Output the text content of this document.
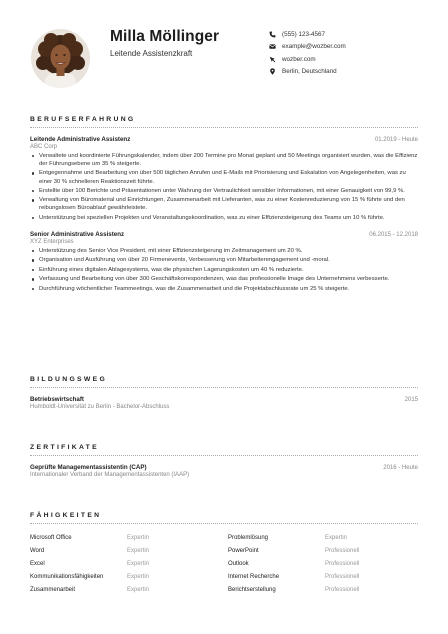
Milla Möllinger
Leitende Assistenzkraft
(555) 123-4567
example@wozber.com
wozber.com
Berlin, Deutschland
BERUFSERFAHRUNG
Leitende Administrative Assistenz	01.2019 - Heute
ABC Corp
Verwaltete und koordinierte Führungskalender, indem über 200 Termine pro Monat geplant und 50 Meetings organisiert wurden, was die Effizienz der Führungsebene um 35 % steigerte.
Entgegennahme und Bearbeitung von über 500 täglichen Anrufen und E-Mails mit Priorisierung und Eskalation von Angelegenheiten, was zu einer 30 % schnelleren Reaktionszeit führte.
Erstellte über 100 Berichte und Präsentationen unter Wahrung der Vertraulichkeit sensibler Informationen, mit einer Genauigkeit von 99,9 %.
Verwaltung von Büromaterial und Einrichtungen, Zusammenarbeit mit Lieferanten, was zu einer Kostenreduzierung von 15 % führte und den reibungslosen Büroablauf gewährleistete.
Unterstützung bei speziellen Projekten und Veranstaltungskoordination, was zu einer Effizienzsteigerung des Teams um 10 % führte.
Senior Administrative Assistenz	06.2015 - 12.2018
XYZ Enterprises
Unterstützung des Senior Vice President, mit einer Effizienzsteigerung im Zeitmanagement um 20 %.
Organisation und Ausführung von über 20 Firmenevents, Verbesserung von Mitarbeiterengagement und -moral.
Einführung eines digitalen Ablagesystems, was die physischen Lagerungskosten um 40 % reduzierte.
Verfassung und Bearbeitung von über 300 Geschäftskorrespondenzen, was das professionelle Image des Unternehmens verbesserte.
Durchführung wöchentlicher Teammeetings, was die Zusammenarbeit und die Projektabschlussrate um 25 % steigerte.
BILDUNGSWEG
Betriebswirtschaft	2015
Humboldt-Universität zu Berlin - Bachelor-Abschluss
ZERTIFIKATE
Geprüfte Managementassistentin (CAP)	2016 - Heute
Internationaler Verband der Managementassistenten (IAAP)
FÄHIGKEITEN
Microsoft Office	Expertin	Problemlösung	Expertin
Word	Expertin	PowerPoint	Professionell
Excel	Expertin	Outlook	Professionell
Kommunikationsfähigkeiten	Expertin	Internet Recherche	Professionell
Zusammenarbeit	Expertin	Berichtserstellung	Professionell
